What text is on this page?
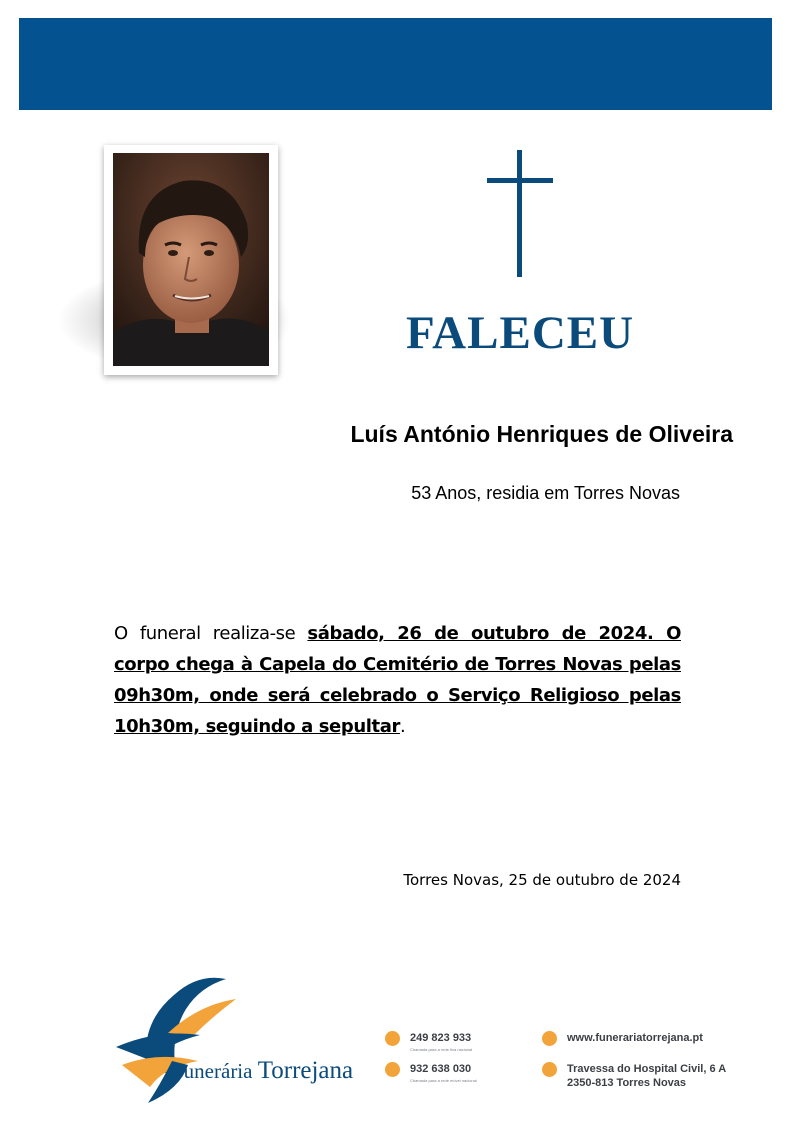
FALECEU
Luís António Henriques de Oliveira
53 Anos, residia em Torres Novas
O funeral realiza-se sábado, 26 de outubro de 2024. O corpo chega à Capela do Cemitério de Torres Novas pelas 09h30m, onde será celebrado o Serviço Religioso pelas 10h30m, seguindo a sepultar.
Torres Novas, 25 de outubro de 2024
Funerária Torrejana
249 823 933
Chamada para a rede fixa nacional
932 638 030
Chamada para a rede móvel nacional
www.funerariatorrejana.pt
Travessa do Hospital Civil, 6 A
2350-813 Torres Novas
